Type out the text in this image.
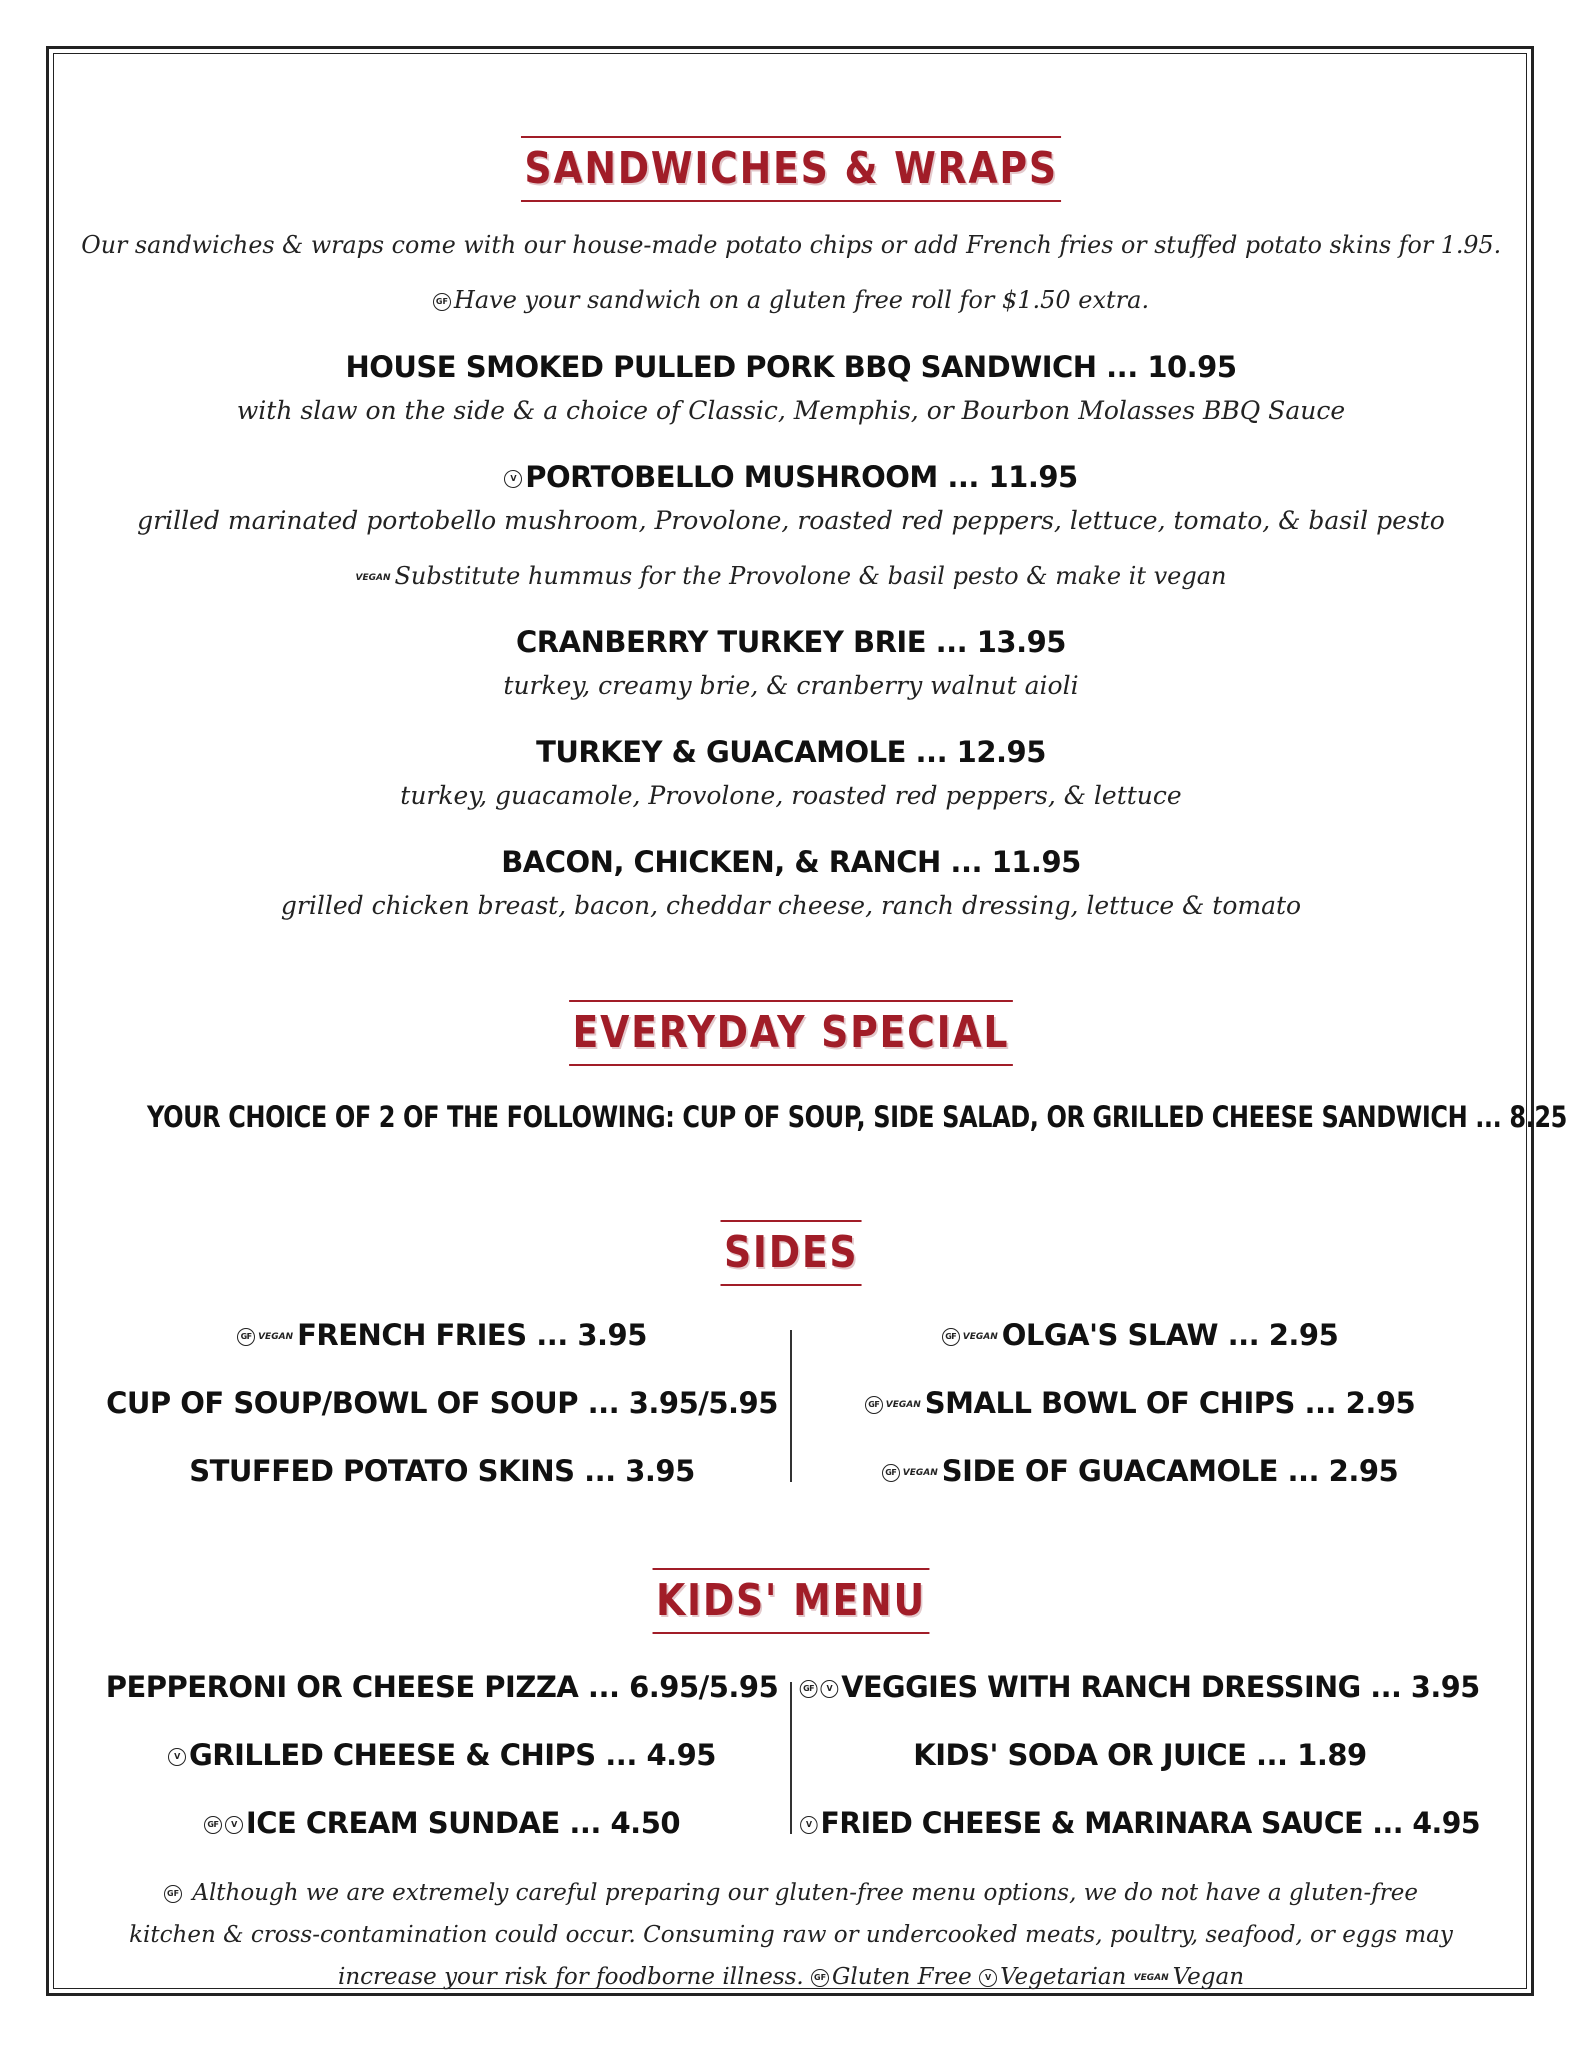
SANDWICHES & WRAPS
Our sandwiches & wraps come with our house-made potato chips or add French fries or stuffed potato skins for 1.95.
GF Have your sandwich on a gluten free roll for $1.50 extra.
HOUSE SMOKED PULLED PORK BBQ SANDWICH ... 10.95
with slaw on the side & a choice of Classic, Memphis, or Bourbon Molasses BBQ Sauce
V PORTOBELLO MUSHROOM ... 11.95
grilled marinated portobello mushroom, Provolone, roasted red peppers, lettuce, tomato, & basil pesto
VEGAN Substitute hummus for the Provolone & basil pesto & make it vegan
CRANBERRY TURKEY BRIE ... 13.95
turkey, creamy brie, & cranberry walnut aioli
TURKEY & GUACAMOLE ... 12.95
turkey, guacamole, Provolone, roasted red peppers, & lettuce
BACON, CHICKEN, & RANCH ... 11.95
grilled chicken breast, bacon, cheddar cheese, ranch dressing, lettuce & tomato
EVERYDAY SPECIAL
YOUR CHOICE OF 2 OF THE FOLLOWING: CUP OF SOUP, SIDE SALAD, OR GRILLED CHEESE SANDWICH ... 8.25
SIDES
GF VEGAN FRENCH FRIES ... 3.95
CUP OF SOUP/BOWL OF SOUP ... 3.95/5.95
STUFFED POTATO SKINS ... 3.95
GF VEGAN OLGA'S SLAW ... 2.95
GF VEGAN SMALL BOWL OF CHIPS ... 2.95
GF VEGAN SIDE OF GUACAMOLE ... 2.95
KIDS' MENU
PEPPERONI OR CHEESE PIZZA ... 6.95/5.95
V GRILLED CHEESE & CHIPS ... 4.95
GF V ICE CREAM SUNDAE ... 4.50
GF V VEGGIES WITH RANCH DRESSING ... 3.95
KIDS' SODA OR JUICE ... 1.89
V FRIED CHEESE & MARINARA SAUCE ... 4.95
GF Although we are extremely careful preparing our gluten-free menu options, we do not have a gluten-free kitchen & cross-contamination could occur. Consuming raw or undercooked meats, poultry, seafood, or eggs may increase your risk for foodborne illness. GF Gluten Free V Vegetarian VEGAN Vegan
